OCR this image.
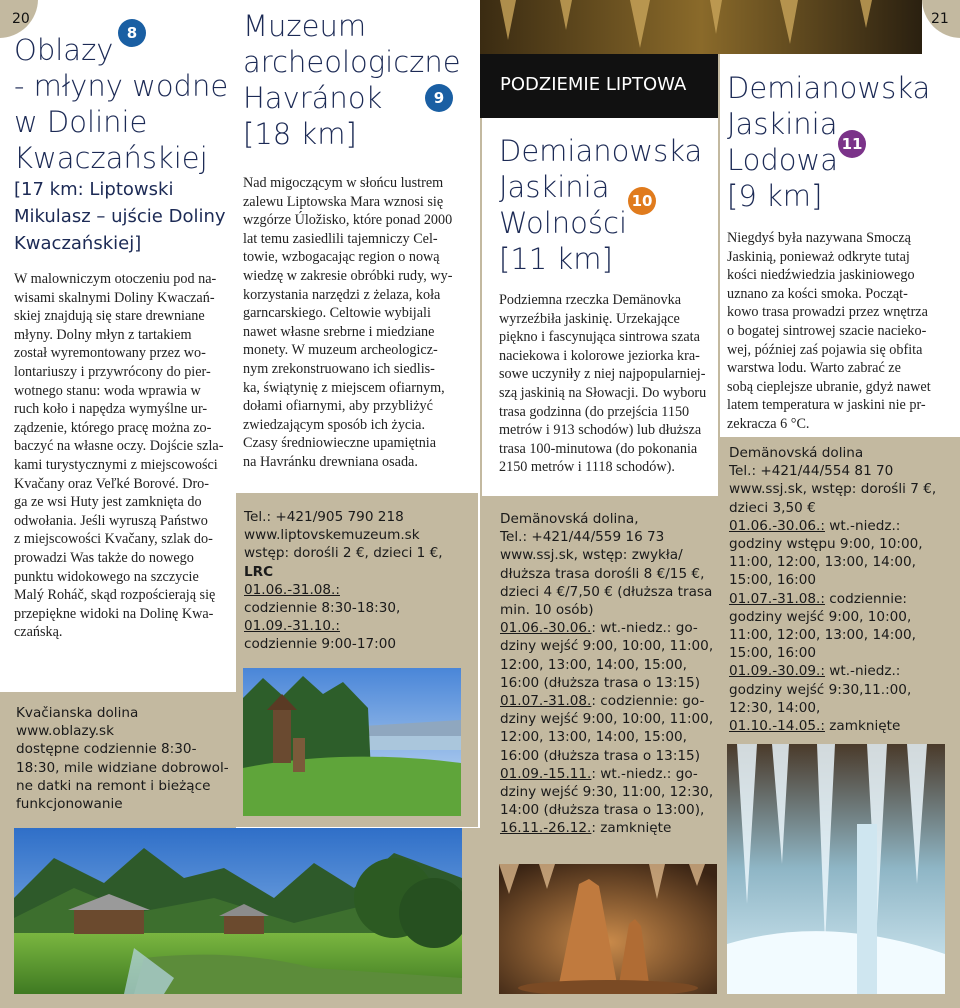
20	21
8
Oblazy
- młyny wodne
w Dolinie
Kwaczańskiej
[17 km: Liptowski
Mikulasz – ujście Doliny
Kwaczańskiej]
W malowniczym otoczeniu pod na-
wisami skalnymi Doliny Kwaczań-
skiej znajdują się stare drewniane
młyny. Dolny młyn z tartakiem
został wyremontowany przez wo-
lontariuszy i przywrócony do pier-
wotnego stanu: woda wprawia w
ruch koło i napędza wymyślne ur-
ządzenie, którego pracę można zo-
baczyć na własne oczy. Dojście szla-
kami turystycznymi z miejscowości
Kvačany oraz Veľké Borové. Dro-
ga ze wsi Huty jest zamknięta do
odwołania. Jeśli wyruszą Państwo
z miejscowości Kvačany, szlak do-
prowadzi Was także do nowego
punktu widokowego na szczycie
Malý Roháč, skąd rozpościerają się
przepiękne widoki na Dolinę Kwa-
czańską.
Kvačianska dolina
www.oblazy.sk
dostępne codziennie 8:30-
18:30, mile widziane dobrowol-
ne datki na remont i bieżące
funkcjonowanie
Muzeum
archeologiczne
Havránok
[18 km]
9
Nad migoczącym w słońcu lustrem
zalewu Liptowska Mara wznosi się
wzgórze Úložisko, które ponad 2000
lat temu zasiedlili tajemniczy Cel-
towie, wzbogacając region o nową
wiedzę w zakresie obróbki rudy, wy-
korzystania narzędzi z żelaza, koła
garncarskiego. Celtowie wybijali
nawet własne srebrne i miedziane
monety. W muzeum archeologicz-
nym zrekonstruowano ich siedlis-
ka, świątynię z miejscem ofiarnym,
dołami ofiarnymi, aby przybliżyć
zwiedzającym sposób ich życia.
Czasy średniowieczne upamiętnia
na Havránku drewniana osada.
Tel.: +421/905 790 218
www.liptovskemuzeum.sk
wstęp: dorośli 2 €, dzieci 1 €,
LRC
01.06.-31.08.:
codziennie 8:30-18:30,
01.09.-31.10.:
codziennie 9:00-17:00
PODZIEMIE LIPTOWA
Demianowska
Jaskinia
Wolności
[11 km]
10
Podziemna rzeczka Demänovka
wyrzeźbiła jaskinię. Urzekające
piękno i fascynująca sintrowa szata
naciekowa i kolorowe jeziorka kra-
sowe uczyniły z niej najpopularniej-
szą jaskinią na Słowacji. Do wyboru
trasa godzinna (do przejścia 1150
metrów i 913 schodów) lub dłuższa
trasa 100-minutowa (do pokonania
2150 metrów i 1118 schodów).
Demänovská dolina,
Tel.: +421/44/559 16 73
www.ssj.sk, wstęp: zwykła/
dłuższa trasa dorośli 8 €/15 €,
dzieci 4 €/7,50 € (dłuższa trasa
min. 10 osób)
01.06.-30.06.: wt.-niedz.: go-
dziny wejść 9:00, 10:00, 11:00,
12:00, 13:00, 14:00, 15:00,
16:00 (dłuższa trasa o 13:15)
01.07.-31.08.: codziennie: go-
dziny wejść 9:00, 10:00, 11:00,
12:00, 13:00, 14:00, 15:00,
16:00 (dłuższa trasa o 13:15)
01.09.-15.11.: wt.-niedz.: go-
dziny wejść 9:30, 11:00, 12:30,
14:00 (dłuższa trasa o 13:00),
16.11.-26.12.: zamknięte
Demianowska
Jaskinia
Lodowa
[9 km]
11
Niegdyś była nazywana Smoczą
Jaskinią, ponieważ odkryte tutaj
kości niedźwiedzia jaskiniowego
uznano za kości smoka. Począt-
kowo trasa prowadzi przez wnętrza
o bogatej sintrowej szacie naciekо-
wej, później zaś pojawia się obfita
warstwa lodu. Warto zabrać ze
sobą cieplejsze ubranie, gdyż nawet
latem temperatura w jaskini nie pr-
zekracza 6 °C.
Demänovská dolina
Tel.: +421/44/554 81 70
www.ssj.sk, wstęp: dorośli 7 €,
dzieci 3,50 €
01.06.-30.06.: wt.-niedz.:
godziny wstępu 9:00, 10:00,
11:00, 12:00, 13:00, 14:00,
15:00, 16:00
01.07.-31.08.: codziennie:
godziny wejść 9:00, 10:00,
11:00, 12:00, 13:00, 14:00,
15:00, 16:00
01.09.-30.09.: wt.-niedz.:
godziny wejść 9:30,11.:00,
12:30, 14:00,
01.10.-14.05.: zamknięte
